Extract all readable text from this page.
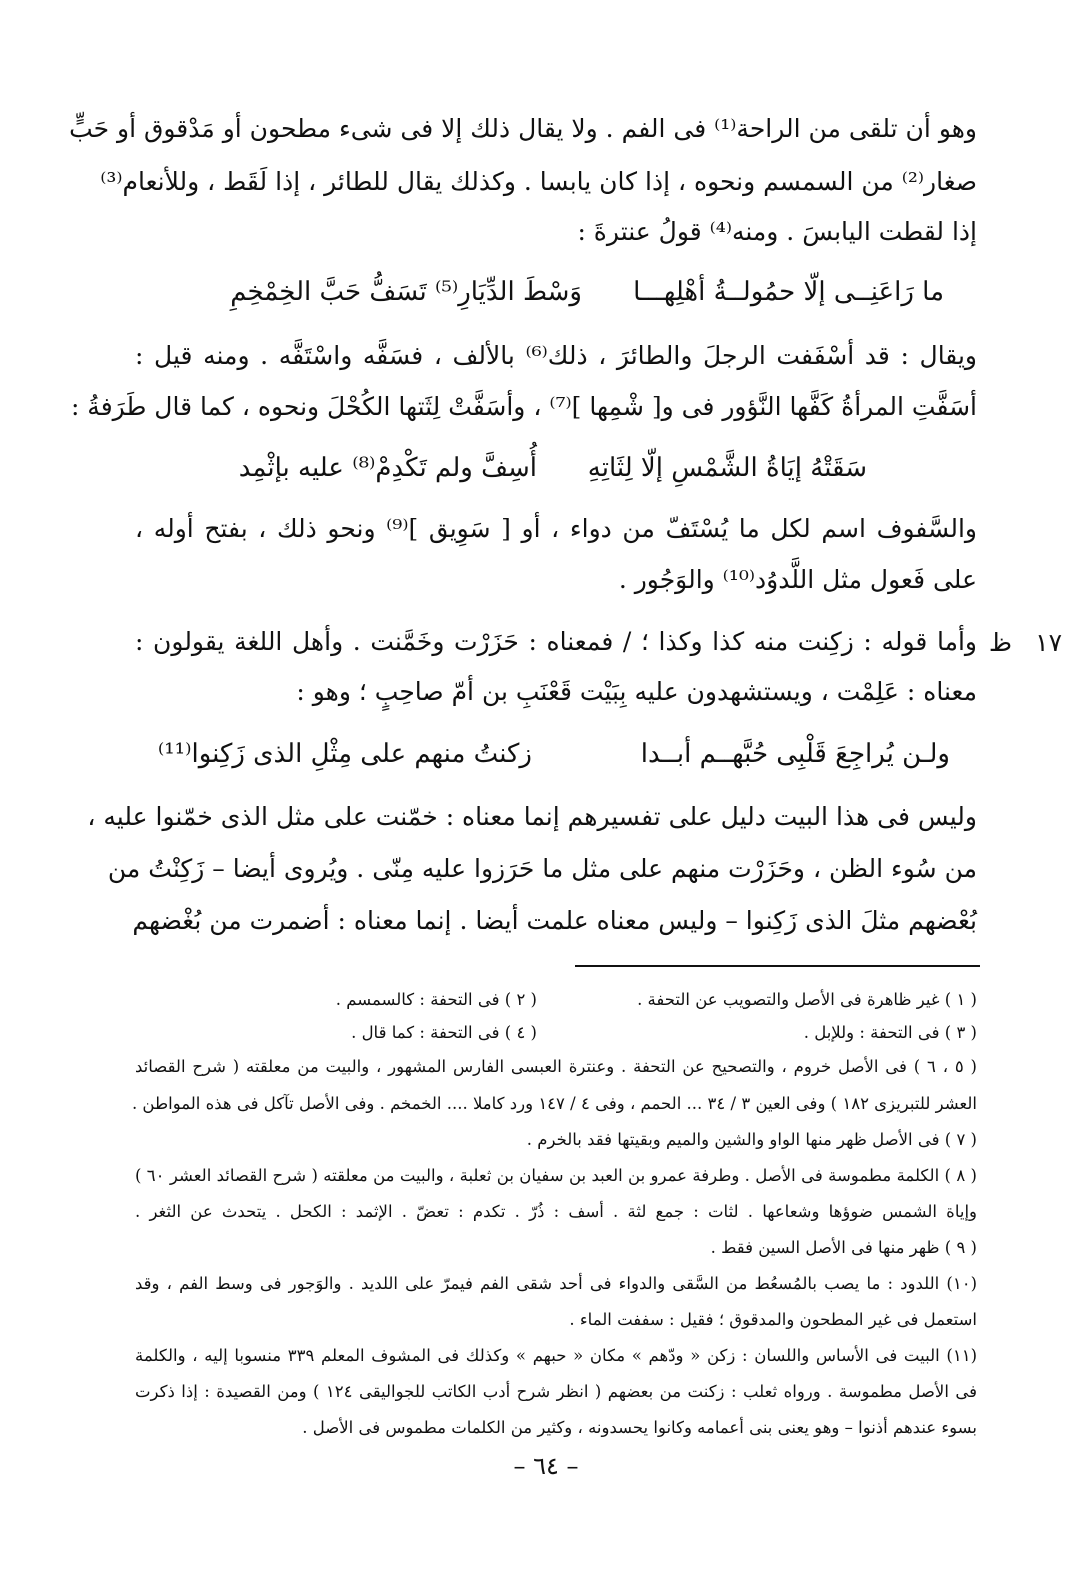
وهو أن تلقى من الراحة⁽¹⁾ فى الفم . ولا يقال ذلك إلا فى شىء مطحون أو مَدْقوق أو حَبٍّ
صغار⁽²⁾ من السمسم ونحوه ، إذا كان يابسا . وكذلك يقال للطائر ، إذا لَقَط ، وللأنعام⁽³⁾
إذا لقطت اليابسَ . ومنه⁽⁴⁾ قولُ عنترةَ :
ما رَاعَنِــى إلّا حمُولــةُ أهْلِهـــا
وَسْطَ الدِّيَارِ⁽⁵⁾ تَسَفُّ حَبَّ الخِمْخِمِ
ويقال : قد أسْفَفت الرجلَ والطائرَ ، ذلك⁽⁶⁾ بالألف ، فسَفَّه واسْتَفَّه . ومنه قيل :
أسَفَّتِ المرأةُ كَفَّها النَّؤور فى و[ شْمِها ]⁽⁷⁾ ، وأسَفَّتْ لِثَتها الكُحْلَ ونحوه ، كما قال طَرَفةُ :
سَقَتْهُ إيَاةُ الشَّمْسِ إلّا لِثَاتِهِ
أُسِفَّ ولم تَكْدِمْ⁽⁸⁾ عليه بإثْمِد
والسَّفوف اسم لكل ما يُسْتَفّ من دواء ، أو [ سَوِيق ]⁽⁹⁾ ونحو ذلك ، بفتح أوله ،
على فَعول مثل اللَّدوُد⁽¹⁰⁾ والوَجُور .
١٧
ظ
وأما قوله : زكِنت منه كذا وكذا ؛ / فمعناه : حَزَرْت وخَمَّنت . وأهل اللغة يقولون :
معناه : عَلِمْت ، ويستشهدون عليه بِبَيْت قَعْنَبِ بن أمّ صاحِبٍ ؛ وهو :
ولـن يُراجِعَ قَلْبِى حُبَّهــم أبــدا
زكنتُ منهم على مِثْلِ الذى زَكِنوا⁽¹¹⁾
وليس فى هذا البيت دليل على تفسيرهم إنما معناه : خمّنت على مثل الذى خمّنوا عليه ،
من سُوء الظن ، وحَزَرْت منهم على مثل ما حَرَزوا عليه مِنّى . ويُروى أيضا – زَكِنْتُ من
بُعْضهم مثلَ الذى زَكِنوا – وليس معناه علمت أيضا . إنما معناه : أضمرت من بُغْضهم
( ١ ) غير ظاهرة فى الأصل والتصويب عن التحفة .
( ٢ ) فى التحفة : كالسمسم .
( ٣ ) فى التحفة : وللإبل .
( ٤ ) فى التحفة : كما قال .
( ٥ ، ٦ ) فى الأصل خروم ، والتصحيح عن التحفة . وعنترة العبسى الفارس المشهور ، والبيت من معلقته ( شرح القصائد
العشر للتبريزى ١٨٢ ) وفى العين ٣ / ٣٤ ... الحمم ، وفى ٤ / ١٤٧ ورد كاملا .... الخمخم . وفى الأصل تآكل فى هذه المواطن .
( ٧ ) فى الأصل ظهر منها الواو والشين والميم وبقيتها فقد بالخرم .
( ٨ ) الكلمة مطموسة فى الأصل . وطرفة عمرو بن العبد بن سفيان بن ثعلبة ، والبيت من معلقته ( شرح القصائد العشر ٦٠ )
وإياة الشمس ضوؤها وشعاعها . لثات : جمع لثة . أسف : ذُرّ . تكدم : تعضّ . الإثمد : الكحل . يتحدث عن الثغر .
( ٩ ) ظهر منها فى الأصل السين فقط .
(١٠) اللدود : ما يصب بالمُسعُط من السَّقى والدواء فى أحد شقى الفم فيمرّ على اللديد . والوَجور فى وسط الفم ، وقد
استعمل فى غير المطحون والمدقوق ؛ فقيل : سففت الماء .
(١١) البيت فى الأساس واللسان : زكن « ودّهم » مكان « حبهم » وكذلك فى المشوف المعلم ٣٣٩ منسوبا إليه ، والكلمة
فى الأصل مطموسة . ورواه ثعلب : زكنت من بعضهم ( انظر شرح أدب الكاتب للجواليقى ١٢٤ ) ومن القصيدة : إذا ذكرت
بسوء عندهم أذنوا – وهو يعنى بنى أعمامه وكانوا يحسدونه ، وكثير من الكلمات مطموس فى الأصل .
– ٦٤ –
